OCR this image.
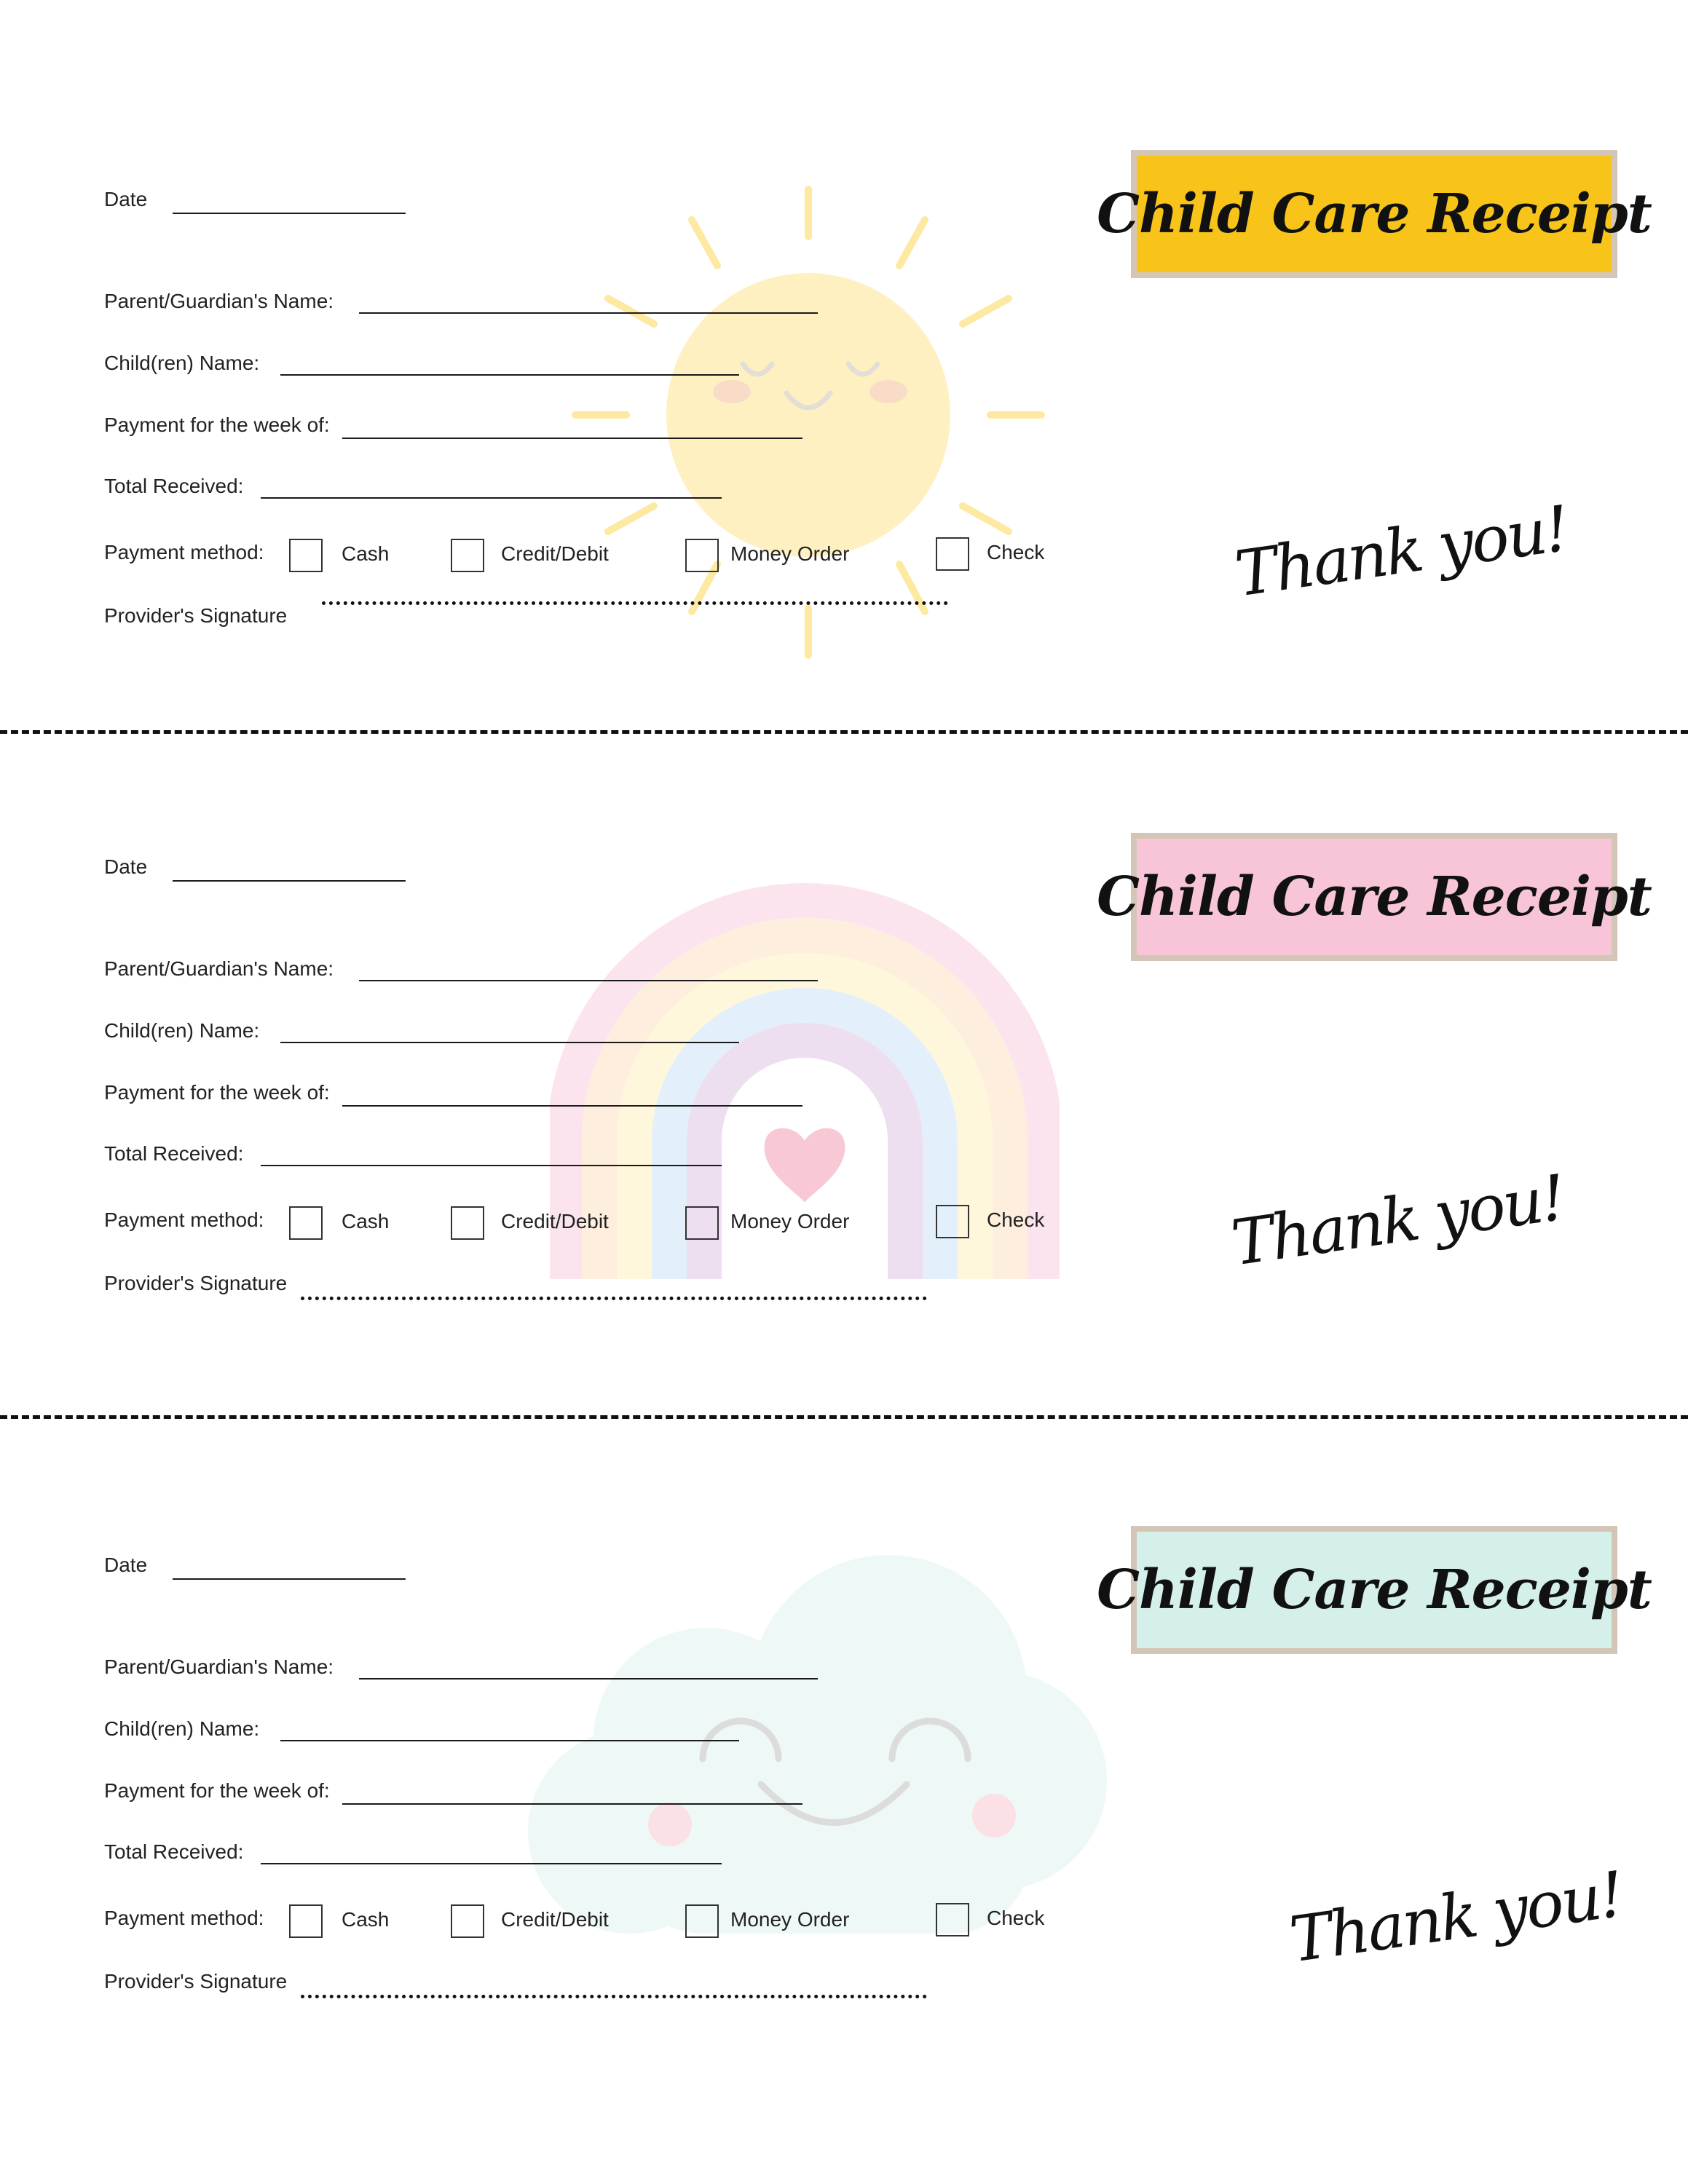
Date
Parent/Guardian's Name:
Child(ren) Name:
Payment for the week of:
Total Received:
Payment method:	Cash	Credit/Debit	Money Order	Check
Provider's Signature
Child Care Receipt
Thank you!
Date
Parent/Guardian's Name:
Child(ren) Name:
Payment for the week of:
Total Received:
Payment method:	Cash	Credit/Debit	Money Order	Check
Provider's Signature
Child Care Receipt
Thank you!
Date
Parent/Guardian's Name:
Child(ren) Name:
Payment for the week of:
Total Received:
Payment method:	Cash	Credit/Debit	Money Order	Check
Provider's Signature
Child Care Receipt
Thank you!
